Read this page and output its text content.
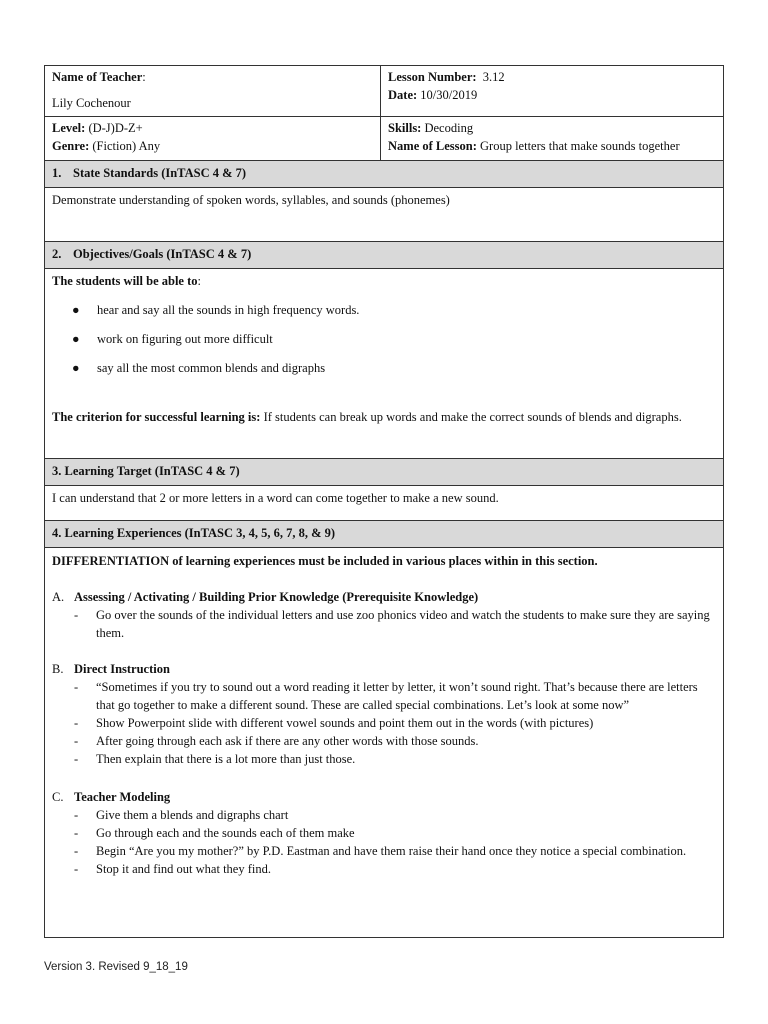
Name of Teacher:
Lily Cochenour
Lesson Number: 3.12
Date: 10/30/2019
Level: (D-J)D-Z+
Genre: (Fiction) Any
Skills: Decoding
Name of Lesson: Group letters that make sounds together
1. State Standards (InTASC 4 & 7)
Demonstrate understanding of spoken words, syllables, and sounds (phonemes)
2. Objectives/Goals (InTASC 4 & 7)
The students will be able to:
● hear and say all the sounds in high frequency words.
● work on figuring out more difficult
● say all the most common blends and digraphs
The criterion for successful learning is: If students can break up words and make the correct sounds of blends and digraphs.
3. Learning Target (InTASC 4 & 7)
I can understand that 2 or more letters in a word can come together to make a new sound.
4. Learning Experiences (InTASC 3, 4, 5, 6, 7, 8, & 9)
DIFFERENTIATION of learning experiences must be included in various places within in this section.
A. Assessing / Activating / Building Prior Knowledge (Prerequisite Knowledge)
- Go over the sounds of the individual letters and use zoo phonics video and watch the students to make sure they are saying them.
B. Direct Instruction
- “Sometimes if you try to sound out a word reading it letter by letter, it won’t sound right. That’s because there are letters that go together to make a different sound. These are called special combinations. Let’s look at some now”
- Show Powerpoint slide with different vowel sounds and point them out in the words (with pictures)
- After going through each ask if there are any other words with those sounds.
- Then explain that there is a lot more than just those.
C. Teacher Modeling
- Give them a blends and digraphs chart
- Go through each and the sounds each of them make
- Begin “Are you my mother?” by P.D. Eastman and have them raise their hand once they notice a special combination.
- Stop it and find out what they find.
Version 3. Revised 9_18_19
